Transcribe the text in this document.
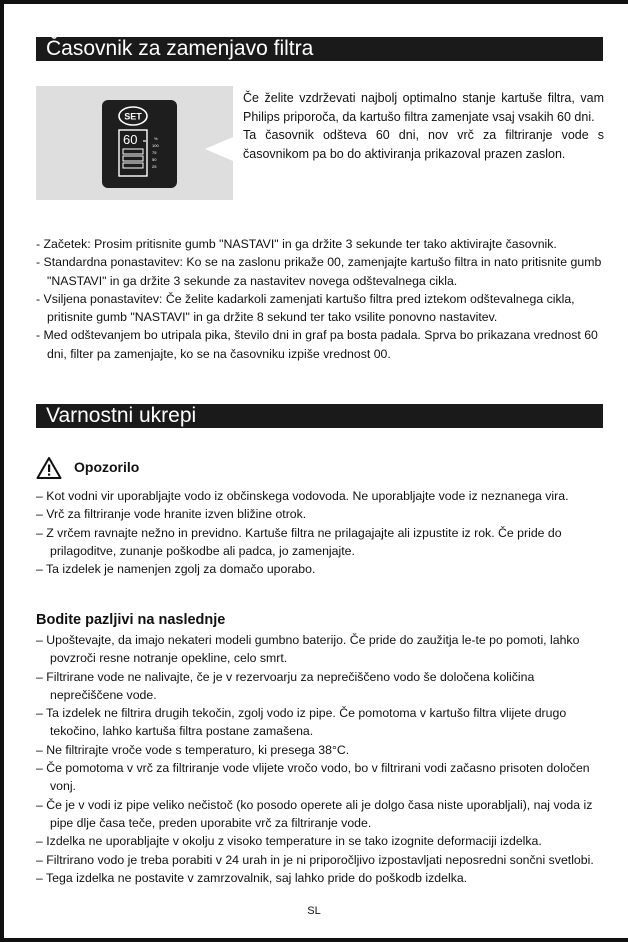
Časovnik za zamenjavo filtra
SET
60	%
100
75
50
25
Če želite vzdrževati najbolj optimalno stanje kartuše filtra, vam Philips priporoča, da kartušo filtra zamenjate vsaj vsakih 60 dni.
Ta časovnik odšteva 60 dni, nov vrč za filtriranje vode s časovnikom pa bo do aktiviranja prikazoval prazen zaslon.

- Začetek: Prosim pritisnite gumb "NASTAVI" in ga držite 3 sekunde ter tako aktivirajte časovnik.

- Standardna ponastavitev: Ko se na zaslonu prikaže 00, zamenjajte kartušo filtra in nato pritisnite gumb "NASTAVI" in ga držite 3 sekunde za nastavitev novega odštevalnega cikla.

- Vsiljena ponastavitev: Če želite kadarkoli zamenjati kartušo filtra pred iztekom odštevalnega cikla, pritisnite gumb "NASTAVI" in ga držite 8 sekund ter tako vsilite ponovno nastavitev.

- Med odštevanjem bo utripala pika, število dni in graf pa bosta padala. Sprva bo prikazana vrednost 60 dni, filter pa zamenjajte, ko se na časovniku izpiše vrednost 00.

Varnostni ukrepi
Opozorilo

– Kot vodni vir uporabljajte vodo iz občinskega vodovoda. Ne uporabljajte vode iz neznanega vira.

– Vrč za filtriranje vode hranite izven bližine otrok.

– Z vrčem ravnajte nežno in previdno. Kartuše filtra ne prilagajajte ali izpustite iz rok. Če pride do prilagoditve, zunanje poškodbe ali padca, jo zamenjajte.

– Ta izdelek je namenjen zgolj za domačo uporabo.

Bodite pazljivi na naslednje

– Upoštevajte, da imajo nekateri modeli gumbno baterijo. Če pride do zaužitja le-te po pomoti, lahko povzroči resne notranje opekline, celo smrt.

– Filtrirane vode ne nalivajte, če je v rezervoarju za neprečiščeno vodo še določena količina neprečiščene vode.

– Ta izdelek ne filtrira drugih tekočin, zgolj vodo iz pipe. Če pomotoma v kartušo filtra vlijete drugo tekočino, lahko kartuša filtra postane zamašena.

– Ne filtrirajte vroče vode s temperaturo, ki presega 38°C.

– Če pomotoma v vrč za filtriranje vode vlijete vročo vodo, bo v filtrirani vodi začasno prisoten določen vonj.

– Če je v vodi iz pipe veliko nečistoč (ko posodo operete ali je dolgo časa niste uporabljali), naj voda iz pipe dlje časa teče, preden uporabite vrč za filtriranje vode.

– Izdelka ne uporabljajte v okolju z visoko temperature in se tako izognite deformaciji izdelka.

– Filtrirano vodo je treba porabiti v 24 urah in je ni priporočljivo izpostavljati neposredni sončni svetlobi.

– Tega izdelka ne postavite v zamrzovalnik, saj lahko pride do poškodb izdelka.

SL
